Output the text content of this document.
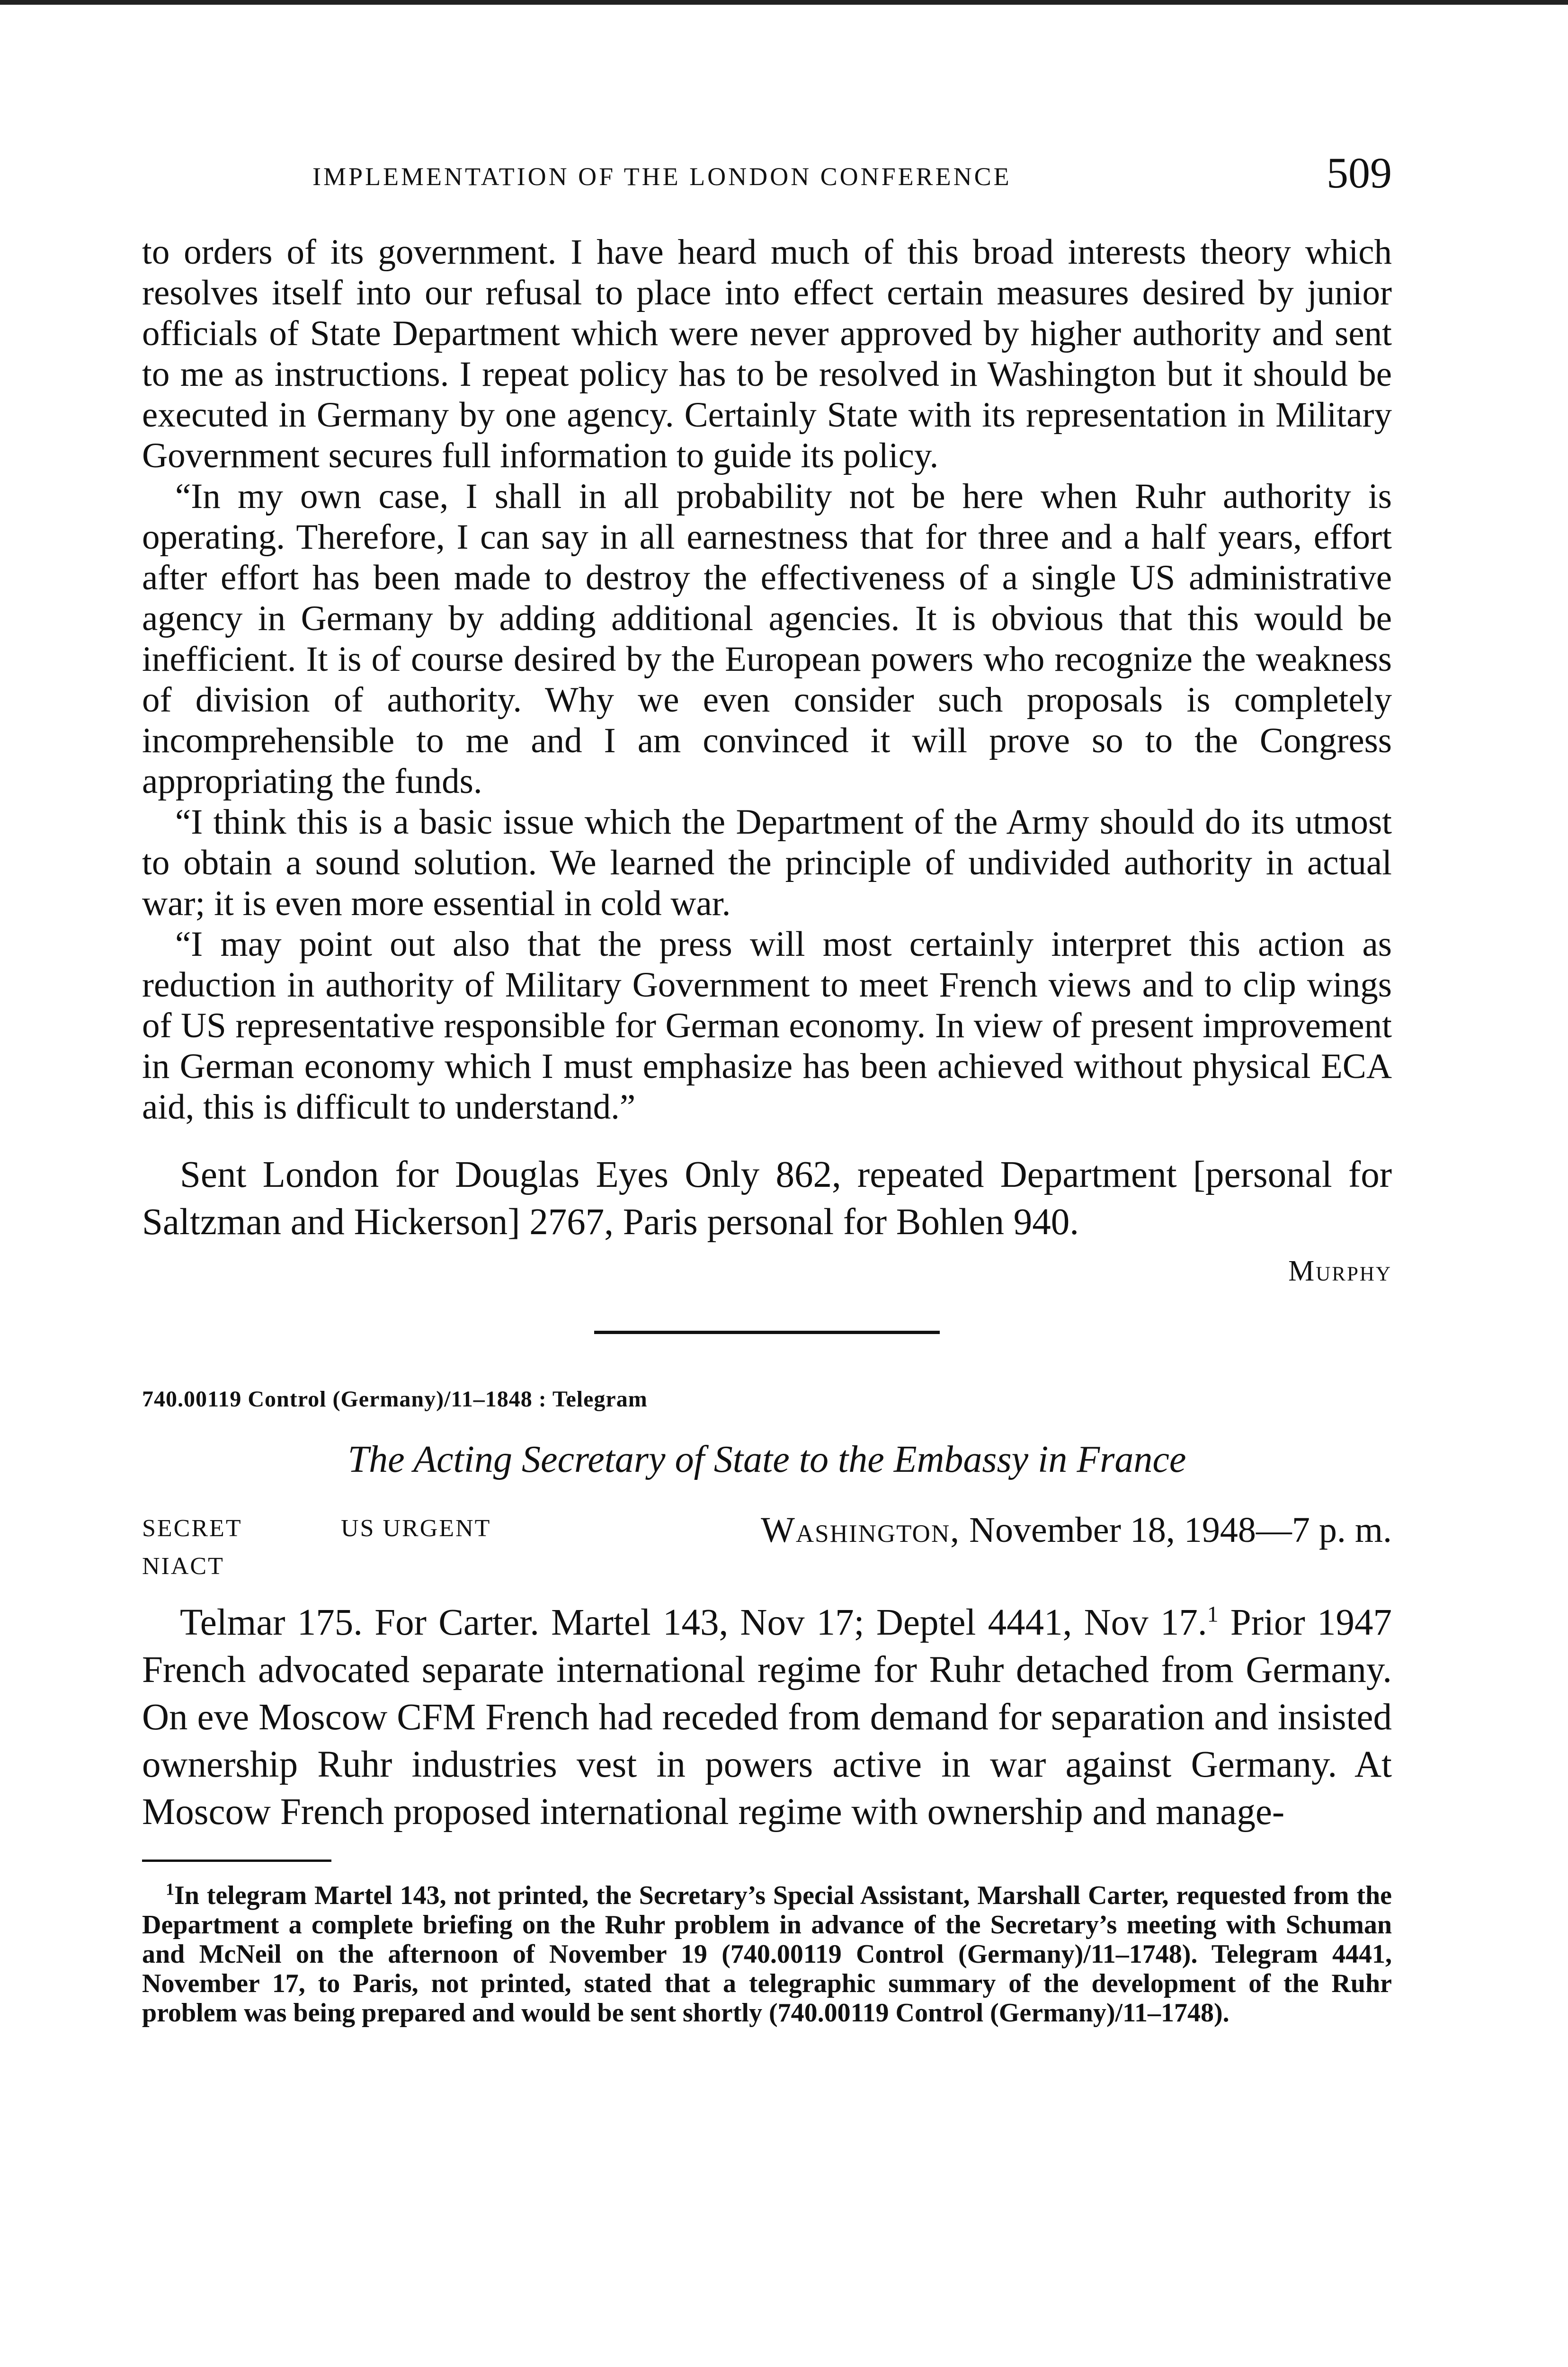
IMPLEMENTATION OF THE LONDON CONFERENCE	509

to orders of its government. I have heard much of this broad interests theory which resolves itself into our refusal to place into effect certain measures desired by junior officials of State Department which were never approved by higher authority and sent to me as instructions. I repeat policy has to be resolved in Washington but it should be executed in Germany by one agency. Certainly State with its representation in Military Government secures full information to guide its policy.

“In my own case, I shall in all probability not be here when Ruhr authority is operating. Therefore, I can say in all earnestness that for three and a half years, effort after effort has been made to destroy the effectiveness of a single US administrative agency in Germany by adding additional agencies. It is obvious that this would be inefficient. It is of course desired by the European powers who recognize the weakness of division of authority. Why we even consider such proposals is completely incomprehensible to me and I am convinced it will prove so to the Congress appropriating the funds.

“I think this is a basic issue which the Department of the Army should do its utmost to obtain a sound solution. We learned the principle of undivided authority in actual war; it is even more essential in cold war.

“I may point out also that the press will most certainly interpret this action as reduction in authority of Military Government to meet French views and to clip wings of US representative responsible for German economy. In view of present improvement in German economy which I must emphasize has been achieved without physical ECA aid, this is difficult to understand.”

Sent London for Douglas Eyes Only 862, repeated Department [personal for Saltzman and Hickerson] 2767, Paris personal for Bohlen 940.

Murphy
740.00119 Control (Germany)/11–1848 : Telegram
The Acting Secretary of State to the Embassy in France
SECRET	US URGENT	Washington, November 18, 1948—7 p. m.
NIACT

Telmar 175. For Carter. Martel 143, Nov 17; Deptel 4441, Nov 17.$^1$ Prior 1947 French advocated separate international regime for Ruhr detached from Germany. On eve Moscow CFM French had receded from demand for separation and insisted ownership Ruhr industries vest in powers active in war against Germany. At Moscow French proposed international regime with ownership and manage-

$^1$In telegram Martel 143, not printed, the Secretary’s Special Assistant, Marshall Carter, requested from the Department a complete briefing on the Ruhr problem in advance of the Secretary’s meeting with Schuman and McNeil on the afternoon of November 19 (740.00119 Control (Germany)/11–1748). Telegram 4441, November 17, to Paris, not printed, stated that a telegraphic summary of the development of the Ruhr problem was being prepared and would be sent shortly (740.00119 Control (Germany)/11–1748).
